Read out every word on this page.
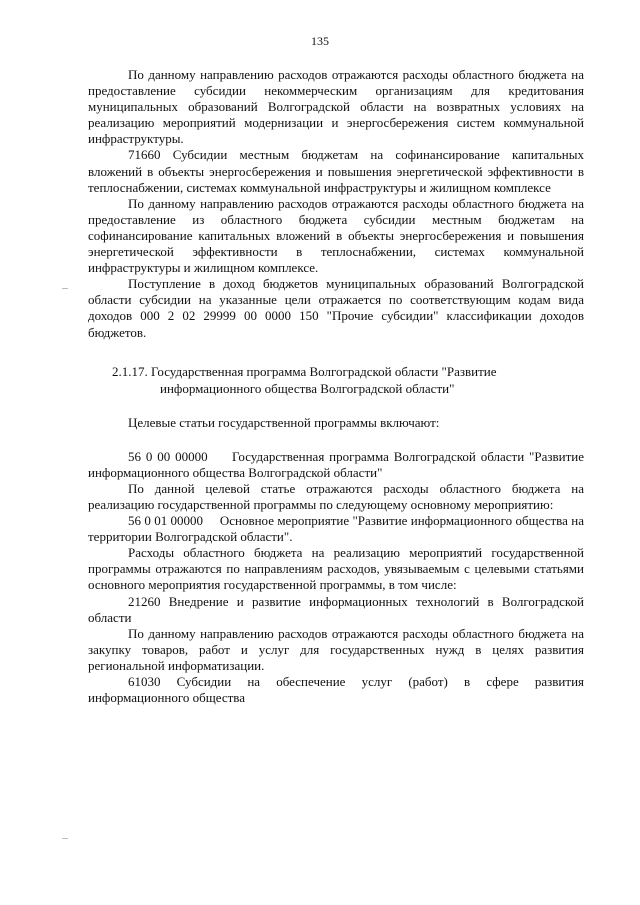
135

По данному направлению расходов отражаются расходы областного бюджета на предоставление субсидии некоммерческим организациям для кредитования муниципальных образований Волгоградской области на возвратных условиях на реализацию мероприятий модернизации и энергосбережения систем коммунальной инфраструктуры.

71660 Субсидии местным бюджетам на софинансирование капитальных вложений в объекты энергосбережения и повышения энергетической эффективности в теплоснабжении, системах коммунальной инфраструктуры и жилищном комплексе

По данному направлению расходов отражаются расходы областного бюджета на предоставление из областного бюджета субсидии местным бюджетам на софинансирование капитальных вложений в объекты энергосбережения и повышения энергетической эффективности в теплоснабжении, системах коммунальной инфраструктуры и жилищном комплексе.

Поступление в доход бюджетов муниципальных образований Волгоградской области субсидии на указанные цели отражается по соответствующим кодам вида доходов 000 2 02 29999 00 0000 150 "Прочие субсидии" классификации доходов бюджетов.

2.1.17. Государственная программа Волгоградской области "Развитие
информационного общества Волгоградской области"

Целевые статьи государственной программы включают:

56 0 00 00000     Государственная программа Волгоградской области "Развитие информационного общества Волгоградской области"

По данной целевой статье отражаются расходы областного бюджета на реализацию государственной программы по следующему основному мероприятию:

56 0 01 00000     Основное мероприятие "Развитие информационного общества на территории Волгоградской области".

Расходы областного бюджета на реализацию мероприятий государственной программы отражаются по направлениям расходов, увязываемым с целевыми статьями основного мероприятия государственной программы, в том числе:

21260 Внедрение и развитие информационных технологий в Волгоградской области

По данному направлению расходов отражаются расходы областного бюджета на закупку товаров, работ и услуг для государственных нужд в целях развития региональной информатизации.

61030 Субсидии на обеспечение услуг (работ) в сфере развития информационного общества
